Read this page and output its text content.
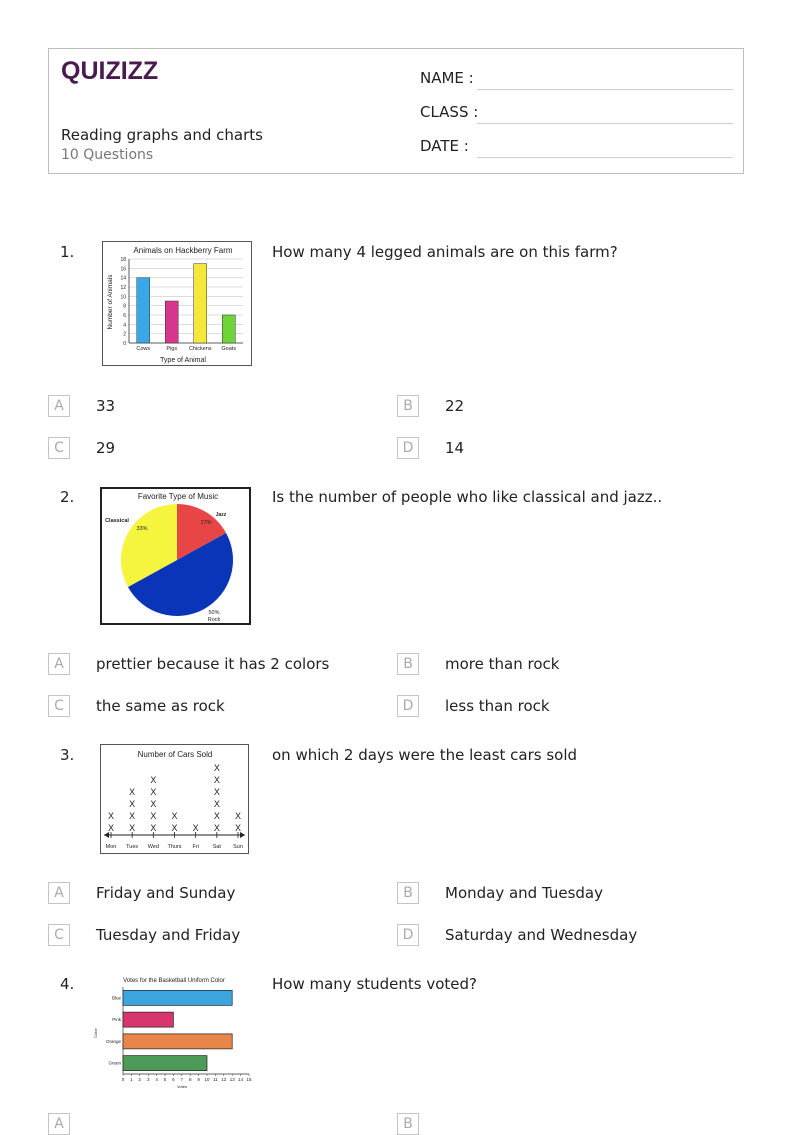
QUIZIZZ
Reading graphs and charts
10 Questions
NAME :
CLASS :
DATE :
1.	How many 4 legged animals are on this farm?
Animals on Hackberry Farm
Type of Animal
Number of Animals
0
2
4
6
8
10
12
14
16
18
Cows	Pigs Chickens Goats
A	33	B	22
C	29	D	14
2.	Is the number of people who like classical and jazz..
Favorite Type of Music
Jazz
17%
50%
Rock
Classical
33%
A	prettier because it has 2 colors	B	more than rock
C	the same as rock	D	less than rock
3.	on which 2 days were the least cars sold
Number of Cars Sold
Mon
X
X
Tues
X
X
X
X
Wed
X
X
X
X
X
Thurs
X
X
Fri
X
Sat
X
X
X
X
X
X
Sun
X
X
A	Friday and Sunday	B	Monday and Tuesday
C	Tuesday and Friday	D	Saturday and Wednesday
4.	How many students voted?
Votes for the Basketball Uniform Color
Votes
Color
0 1 2 3 4 5 6 7 8 9 10 11 12 13 14 15
Blue
Pink
Orange
Green
A	B
